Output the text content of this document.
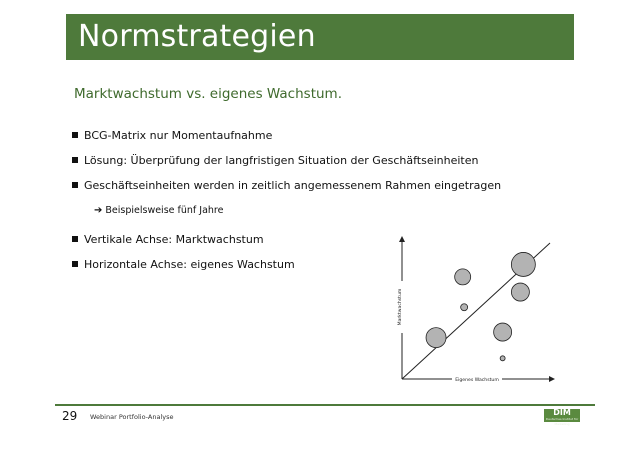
Normstrategien
Marktwachstum vs. eigenes Wachstum.
BCG-Matrix nur Momentaufnahme
Lösung: Überprüfung der langfristigen Situation der Geschäftseinheiten
Geschäftseinheiten werden in zeitlich angemessenem Rahmen eingetragen
➔ Beispielsweise fünf Jahre
Vertikale Achse: Marktwachstum
Horizontale Achse: eigenes Wachstum
Marktwachstum
Eigenes Wachstum
29 Webinar Portfolio-Analyse	DIM
Deutsches Institut für Marketing
